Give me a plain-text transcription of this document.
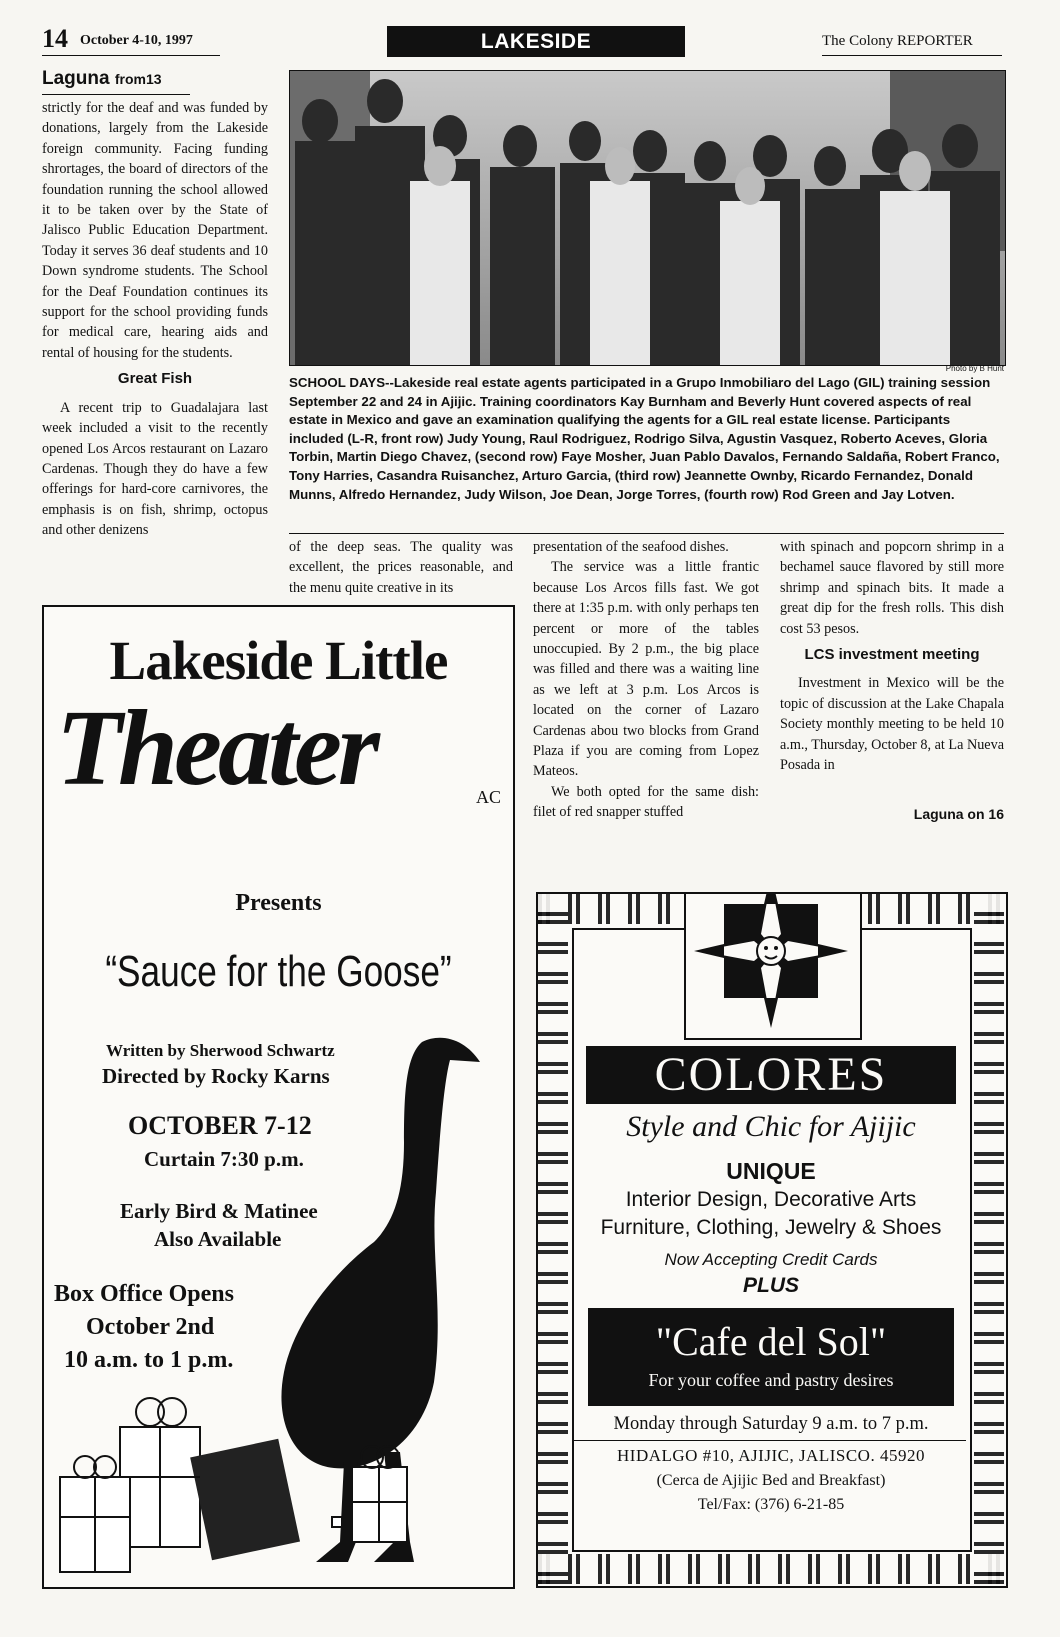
14 October 4-10, 1997	LAKESIDE	The Colony REPORTER
Laguna from13

strictly for the deaf and was funded by donations, largely from the Lakeside foreign community. Facing funding shrortages, the board of directors of the foundation running the school allowed it to be taken over by the State of Jalisco Public Education Department. Today it serves 36 deaf students and 10 Down syndrome students. The School for the Deaf Foundation continues its support for the school providing funds for medical care, hearing aids and rental of housing for the students.

Great Fish

A recent trip to Guadalajara last week included a visit to the recently opened Los Arcos restaurant on Lazaro Cardenas. Though they do have a few offerings for hard-core carnivores, the emphasis is on fish, shrimp, octopus and other denizens

Photo by B Hunt
SCHOOL DAYS--Lakeside real estate agents participated in a Grupo Inmobiliaro del Lago (GIL) training session September 22 and 24 in Ajijic. Training coordinators Kay Burnham and Beverly Hunt covered aspects of real estate in Mexico and gave an examination qualifying the agents for a GIL real estate license. Participants included (L-R, front row) Judy Young, Raul Rodriguez, Rodrigo Silva, Agustin Vasquez, Roberto Aceves, Gloria Torbin, Martin Diego Chavez, (second row) Faye Mosher, Juan Pablo Davalos, Fernando Saldaña, Robert Franco, Tony Harries, Casandra Ruisanchez, Arturo Garcia, (third row) Jeannette Ownby, Ricardo Fernandez, Donald Munns, Alfredo Hernandez, Judy Wilson, Joe Dean, Jorge Torres, (fourth row) Rod Green and Jay Lotven.

of the deep seas. The quality was excellent, the prices reasonable, and the menu quite creative in its

presentation of the seafood dishes.

The service was a little frantic because Los Arcos fills fast. We got there at 1:35 p.m. with only perhaps ten percent or more of the tables unoccupied. By 2 p.m., the big place was filled and there was a waiting line as we left at 3 p.m. Los Arcos is located on the corner of Lazaro Cardenas abou two blocks from Grand Plaza if you are coming from Lopez Mateos.

We both opted for the same dish: filet of red snapper stuffed

with spinach and popcorn shrimp in a bechamel sauce flavored by still more shrimp and spinach bits. It made a great dip for the fresh rolls. This dish cost 53 pesos.

LCS investment meeting

Investment in Mexico will be the topic of discussion at the Lake Chapala Society monthly meeting to be held 10 a.m., Thursday, October 8, at La Nueva Posada in

Laguna on 16
Lakeside Little
Theater	AC
Presents
“Sauce for the Goose”
Written by Sherwood Schwartz
Directed by Rocky Karns
OCTOBER 7-12
Curtain 7:30 p.m.
Early Bird & Matinee
Also Available
Box Office Opens
October 2nd
10 a.m. to 1 p.m.
COLORES
Style and Chic for Ajijic
UNIQUE
Interior Design, Decorative Arts
Furniture, Clothing, Jewelry & Shoes
Now Accepting Credit Cards
PLUS
"Cafe del Sol"
For your coffee and pastry desires
Monday through Saturday 9 a.m. to 7 p.m.
HIDALGO #10, AJIJIC, JALISCO. 45920
(Cerca de Ajijic Bed and Breakfast)
Tel/Fax: (376) 6-21-85
